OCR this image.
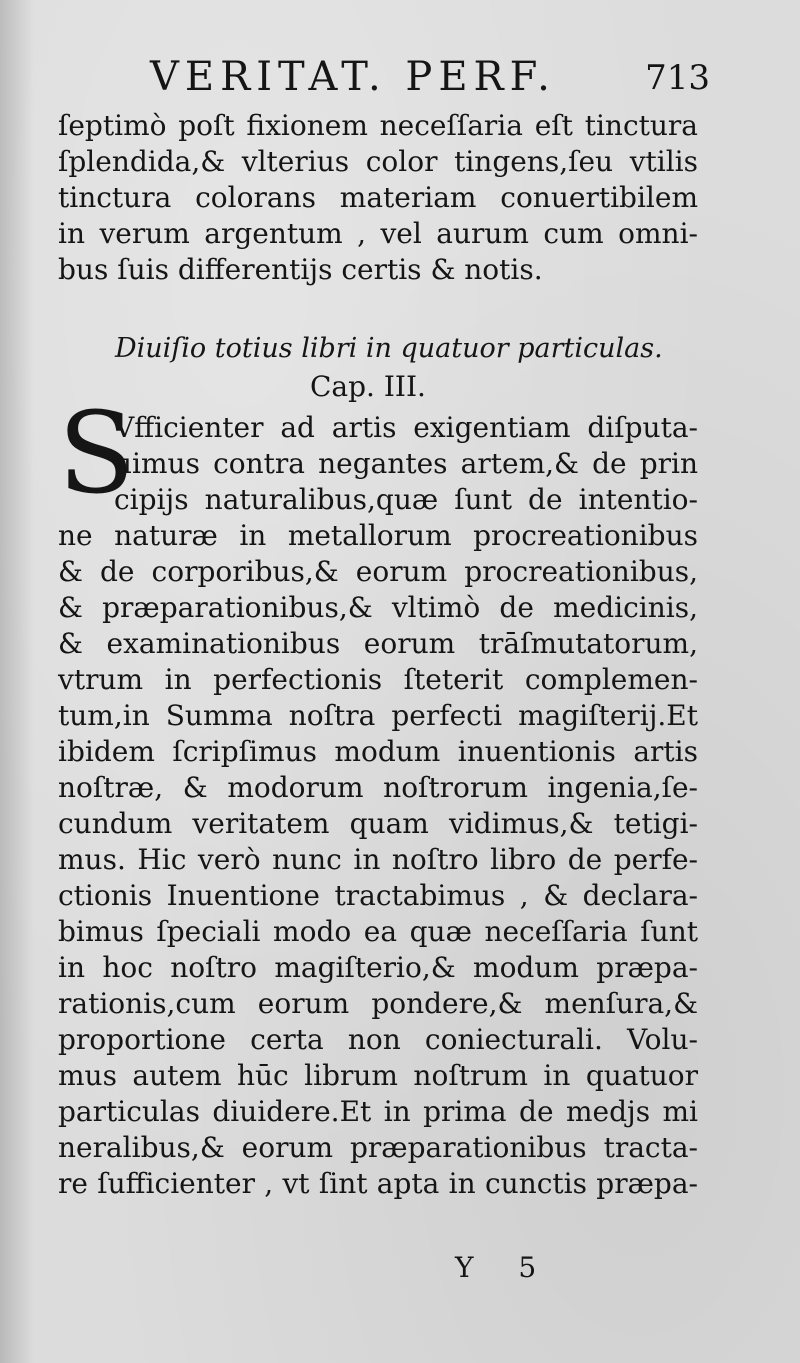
VERITAT. PERF.	713
ſeptimò poſt fixionem neceſſaria eſt tinctura
ſplendida,& vlterius color tingens,ſeu vtilis
tinctura colorans materiam conuertibilem
in verum argentum , vel aurum cum omni-
bus ſuis differentijs certis & notis.
Diuiſio totius libri in quatuor particulas.
Cap. III.
S
Vfficienter ad artis exigentiam diſputa-
uimus contra negantes artem,& de prin
cipijs naturalibus,quæ ſunt de intentio-
ne naturæ in metallorum procreationibus
& de corporibus,& eorum procreationibus,
& præparationibus,& vltimò de medicinis,
& examinationibus eorum trāſmutatorum,
vtrum in perfectionis ſteterit complemen-
tum,in Summa noſtra perfecti magiſterij.Et
ibidem ſcripſimus modum inuentionis artis
noſtræ, & modorum noſtrorum ingenia,ſe-
cundum veritatem quam vidimus,& tetigi-
mus. Hic verò nunc in noſtro libro de perfe-
ctionis Inuentione tractabimus , & declara-
bimus ſpeciali modo ea quæ neceſſaria ſunt
in hoc noſtro magiſterio,& modum præpa-
rationis,cum eorum pondere,& menſura,&
proportione certa non coniecturali. Volu-
mus autem hūc librum noſtrum in quatuor
particulas diuidere.Et in prima de medjs mi
neralibus,& eorum præparationibus tracta-
re ſufficienter , vt ſint apta in cunctis præpa-
Y 5
